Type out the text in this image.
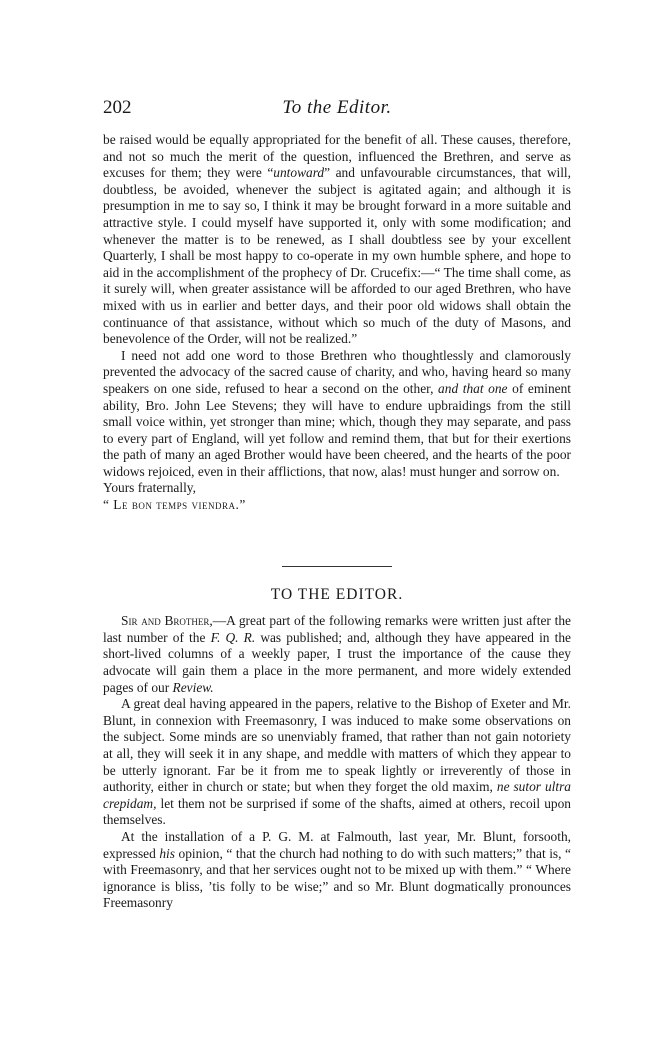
202	To the Editor.

be raised would be equally appropriated for the benefit of all. These causes, therefore, and not so much the merit of the question, influenced the Brethren, and serve as excuses for them; they were “untoward” and unfavourable circumstances, that will, doubtless, be avoided, whenever the subject is agitated again; and although it is presumption in me to say so, I think it may be brought forward in a more suitable and attractive style. I could myself have supported it, only with some modification; and whenever the matter is to be renewed, as I shall doubtless see by your excellent Quarterly, I shall be most happy to co-operate in my own humble sphere, and hope to aid in the accomplishment of the prophecy of Dr. Crucefix:—“ The time shall come, as it surely will, when greater assistance will be afforded to our aged Brethren, who have mixed with us in earlier and better days, and their poor old widows shall obtain the continuance of that assistance, without which so much of the duty of Masons, and benevolence of the Order, will not be realized.”

I need not add one word to those Brethren who thoughtlessly and clamorously prevented the advocacy of the sacred cause of charity, and who, having heard so many speakers on one side, refused to hear a second on the other, and that one of eminent ability, Bro. John Lee Stevens; they will have to endure upbraidings from the still small voice within, yet stronger than mine; which, though they may separate, and pass to every part of England, will yet follow and remind them, that but for their exertions the path of many an aged Brother would have been cheered, and the hearts of the poor widows rejoiced, even in their afflictions, that now, alas! must hunger and sorrow on.

Yours fraternally,

“ Le bon temps viendra.”

TO THE EDITOR.

Sir and Brother,—A great part of the following remarks were written just after the last number of the F. Q. R. was published; and, although they have appeared in the short-lived columns of a weekly paper, I trust the importance of the cause they advocate will gain them a place in the more permanent, and more widely extended pages of our Review.

A great deal having appeared in the papers, relative to the Bishop of Exeter and Mr. Blunt, in connexion with Freemasonry, I was induced to make some observations on the subject. Some minds are so unenviably framed, that rather than not gain notoriety at all, they will seek it in any shape, and meddle with matters of which they appear to be utterly ignorant. Far be it from me to speak lightly or irreverently of those in authority, either in church or state; but when they forget the old maxim, ne sutor ultra crepidam, let them not be surprised if some of the shafts, aimed at others, recoil upon themselves.

At the installation of a P. G. M. at Falmouth, last year, Mr. Blunt, forsooth, expressed his opinion, “ that the church had nothing to do with such matters;” that is, “ with Freemasonry, and that her services ought not to be mixed up with them.” “ Where ignorance is bliss, ’tis folly to be wise;” and so Mr. Blunt dogmatically pronounces Freemasonry
